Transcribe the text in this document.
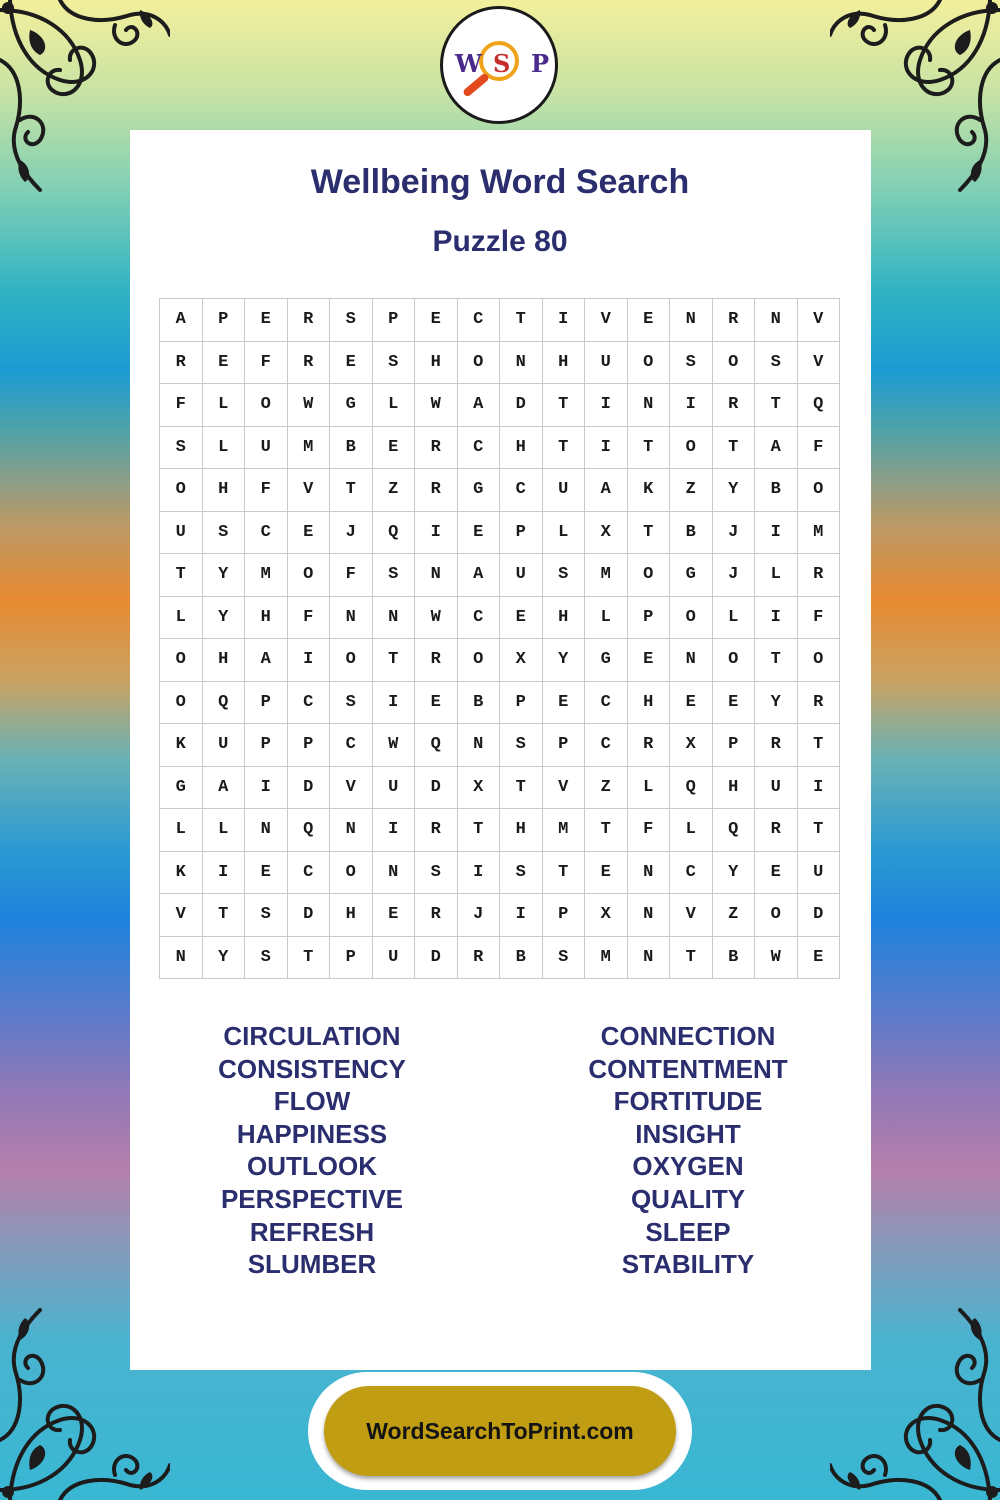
W S P
Wellbeing Word Search
Puzzle 80
A	P	E	R	S	P	E	C	T	I	V	E	N	R	N	V
R	E	F	R	E	S	H	O	N	H	U	O	S	O	S	V
F	L	O	W	G	L	W	A	D	T	I	N	I	R	T	Q
S	L	U	M	B	E	R	C	H	T	I	T	O	T	A	F
O	H	F	V	T	Z	R	G	C	U	A	K	Z	Y	B	O
U	S	C	E	J	Q	I	E	P	L	X	T	B	J	I	M
T	Y	M	O	F	S	N	A	U	S	M	O	G	J	L	R
L	Y	H	F	N	N	W	C	E	H	L	P	O	L	I	F
O	H	A	I	O	T	R	O	X	Y	G	E	N	O	T	O
O	Q	P	C	S	I	E	B	P	E	C	H	E	E	Y	R
K	U	P	P	C	W	Q	N	S	P	C	R	X	P	R	T
G	A	I	D	V	U	D	X	T	V	Z	L	Q	H	U	I
L	L	N	Q	N	I	R	T	H	M	T	F	L	Q	R	T
K	I	E	C	O	N	S	I	S	T	E	N	C	Y	E	U
V	T	S	D	H	E	R	J	I	P	X	N	V	Z	O	D
N	Y	S	T	P	U	D	R	B	S	M	N	T	B	W	E
CIRCULATION
CONSISTENCY
FLOW
HAPPINESS
OUTLOOK
PERSPECTIVE
REFRESH
SLUMBER
CONNECTION
CONTENTMENT
FORTITUDE
INSIGHT
OXYGEN
QUALITY
SLEEP
STABILITY
WordSearchToPrint.com
